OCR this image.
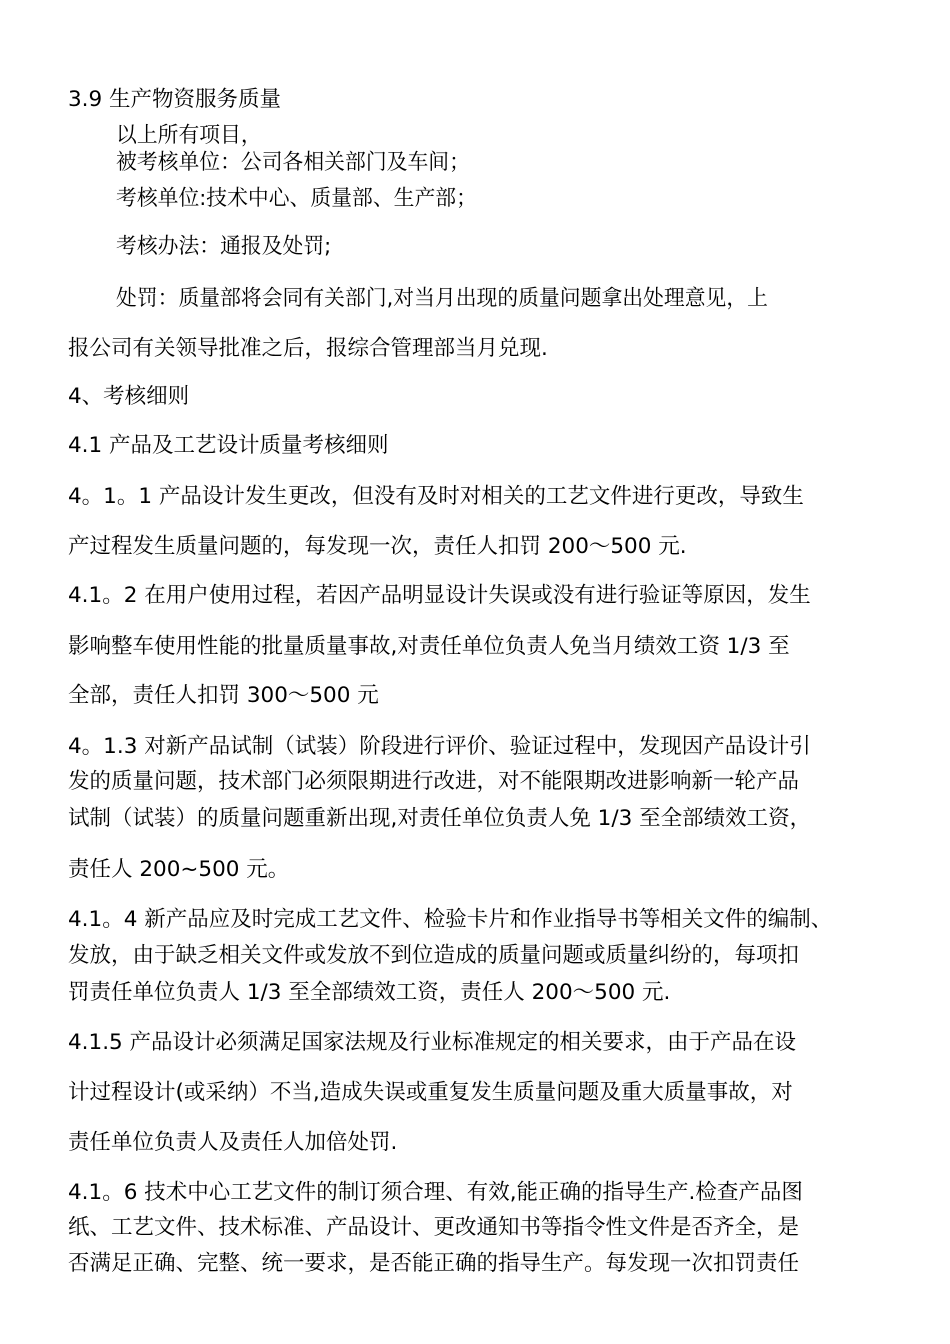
3.9 生产物资服务质量
以上所有项目，
被考核单位：公司各相关部门及车间；
考核单位:技术中心、质量部、生产部；
考核办法：通报及处罚;
处罚：质量部将会同有关部门,对当月出现的质量问题拿出处理意见，上
报公司有关领导批准之后，报综合管理部当月兑现.
4、考核细则
4.1 产品及工艺设计质量考核细则
4。1。1 产品设计发生更改，但没有及时对相关的工艺文件进行更改，导致生
产过程发生质量问题的，每发现一次，责任人扣罚 200～500 元.
4.1。2 在用户使用过程，若因产品明显设计失误或没有进行验证等原因，发生
影响整车使用性能的批量质量事故,对责任单位负责人免当月绩效工资 1/3 至
全部，责任人扣罚 300～500 元
4。1.3 对新产品试制（试装）阶段进行评价、验证过程中，发现因产品设计引
发的质量问题，技术部门必须限期进行改进，对不能限期改进影响新一轮产品
试制（试装）的质量问题重新出现,对责任单位负责人免 1/3 至全部绩效工资，
责任人 200~500 元。
4.1。4 新产品应及时完成工艺文件、检验卡片和作业指导书等相关文件的编制、
发放，由于缺乏相关文件或发放不到位造成的质量问题或质量纠纷的，每项扣
罚责任单位负责人 1/3 至全部绩效工资，责任人 200～500 元.
4.1.5 产品设计必须满足国家法规及行业标准规定的相关要求，由于产品在设
计过程设计(或采纳）不当,造成失误或重复发生质量问题及重大质量事故，对
责任单位负责人及责任人加倍处罚.
4.1。6 技术中心工艺文件的制订须合理、有效,能正确的指导生产.检查产品图
纸、工艺文件、技术标准、产品设计、更改通知书等指令性文件是否齐全，是
否满足正确、完整、统一要求，是否能正确的指导生产。每发现一次扣罚责任
